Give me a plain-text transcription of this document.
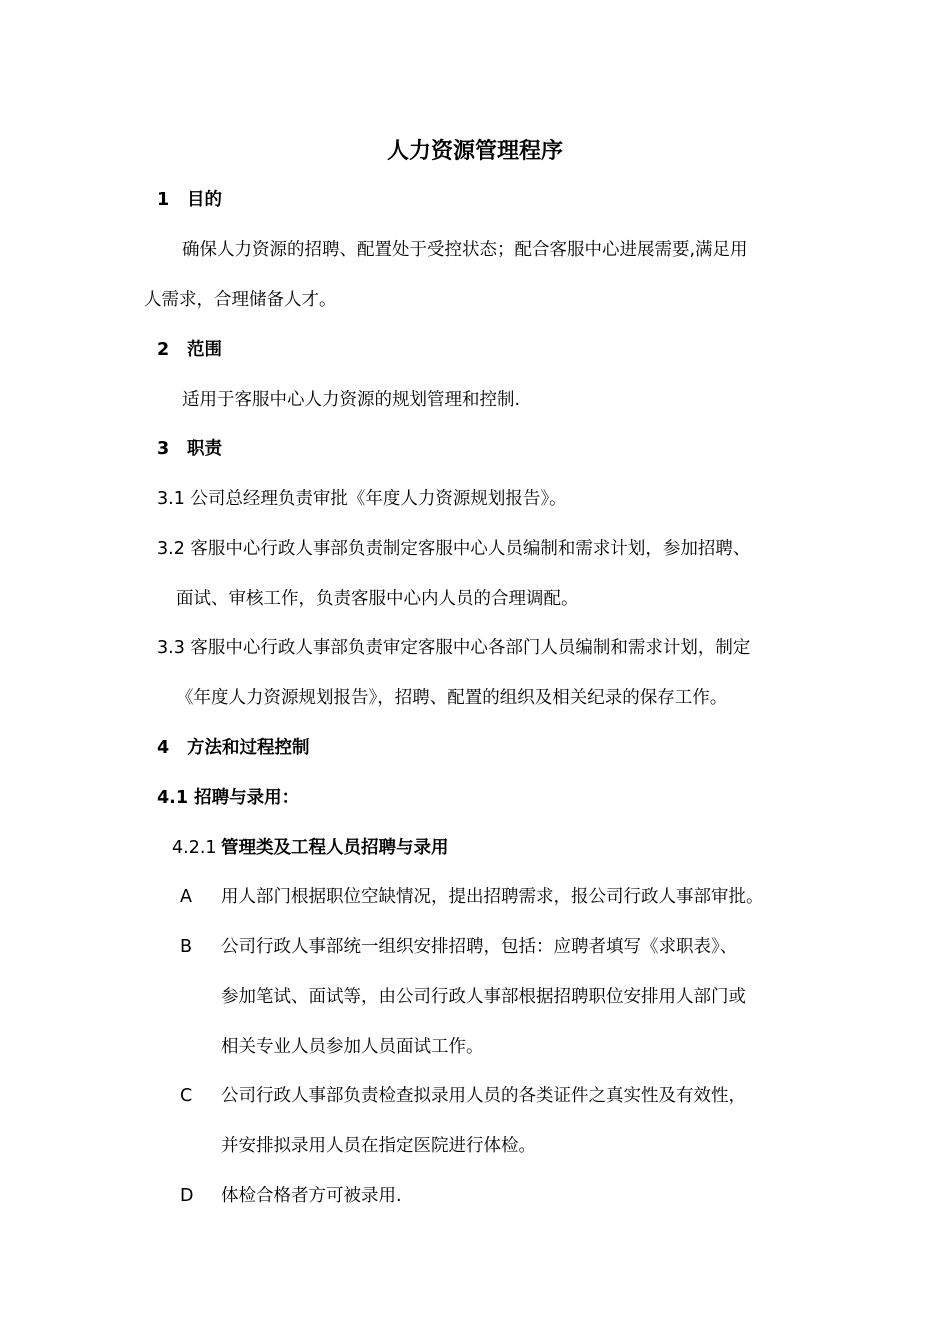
人力资源管理程序
1 目的
确保人力资源的招聘、配置处于受控状态；配合客服中心进展需要,满足用
人需求，合理储备人才。
2 范围
适用于客服中心人力资源的规划管理和控制.
3 职责
3.1 公司总经理负责审批《年度人力资源规划报告》。
3.2 客服中心行政人事部负责制定客服中心人员编制和需求计划，参加招聘、
面试、审核工作，负责客服中心内人员的合理调配。
3.3 客服中心行政人事部负责审定客服中心各部门人员编制和需求计划，制定
《年度人力资源规划报告》，招聘、配置的组织及相关纪录的保存工作。
4 方法和过程控制
4.1 招聘与录用：
4.2.1 管理类及工程人员招聘与录用
A 用人部门根据职位空缺情况，提出招聘需求，报公司行政人事部审批。
B 公司行政人事部统一组织安排招聘，包括：应聘者填写《求职表》、
参加笔试、面试等，由公司行政人事部根据招聘职位安排用人部门或
相关专业人员参加人员面试工作。
C 公司行政人事部负责检查拟录用人员的各类证件之真实性及有效性，
并安排拟录用人员在指定医院进行体检。
D 体检合格者方可被录用.
